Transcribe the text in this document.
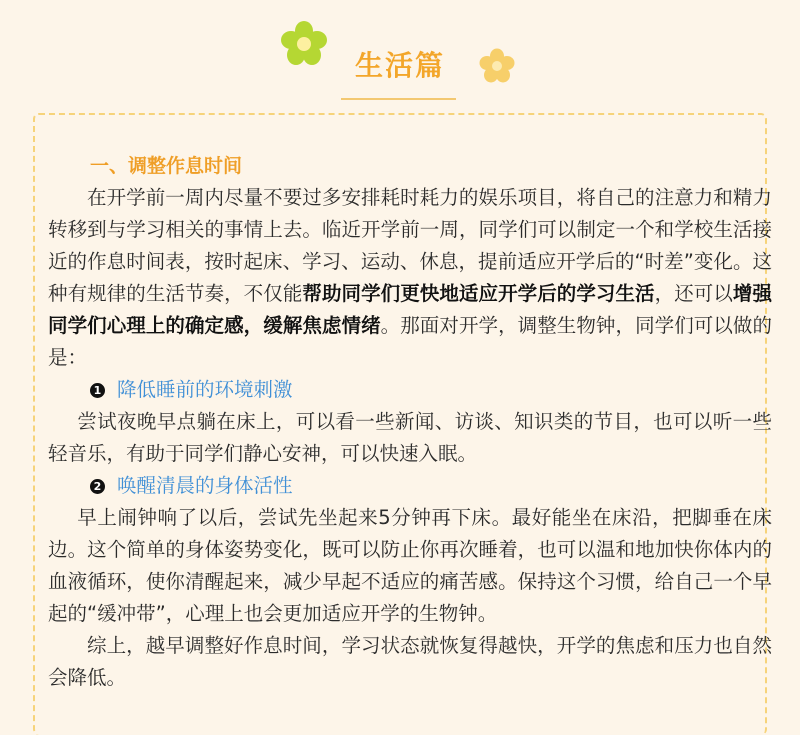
生活篇

一、调整作息时间

在开学前一周内尽量不要过多安排耗时耗力的娱乐项目，将自己的注意力和精力转移到与学习相关的事情上去。临近开学前一周，同学们可以制定一个和学校生活接近的作息时间表，按时起床、学习、运动、休息，提前适应开学后的“时差”变化。这种有规律的生活节奏，不仅能帮助同学们更快地适应开学后的学习生活，还可以增强同学们心理上的确定感，缓解焦虑情绪。那面对开学，调整生物钟，同学们可以做的是：

1 降低睡前的环境刺激

尝试夜晚早点躺在床上，可以看一些新闻、访谈、知识类的节目，也可以听一些轻音乐，有助于同学们静心安神，可以快速入眠。

2 唤醒清晨的身体活性

早上闹钟响了以后，尝试先坐起来5分钟再下床。最好能坐在床沿，把脚垂在床边。这个简单的身体姿势变化，既可以防止你再次睡着，也可以温和地加快你体内的血液循环，使你清醒起来，减少早起不适应的痛苦感。保持这个习惯，给自己一个早起的“缓冲带”，心理上也会更加适应开学的生物钟。

综上，越早调整好作息时间，学习状态就恢复得越快，开学的焦虑和压力也自然会降低。
